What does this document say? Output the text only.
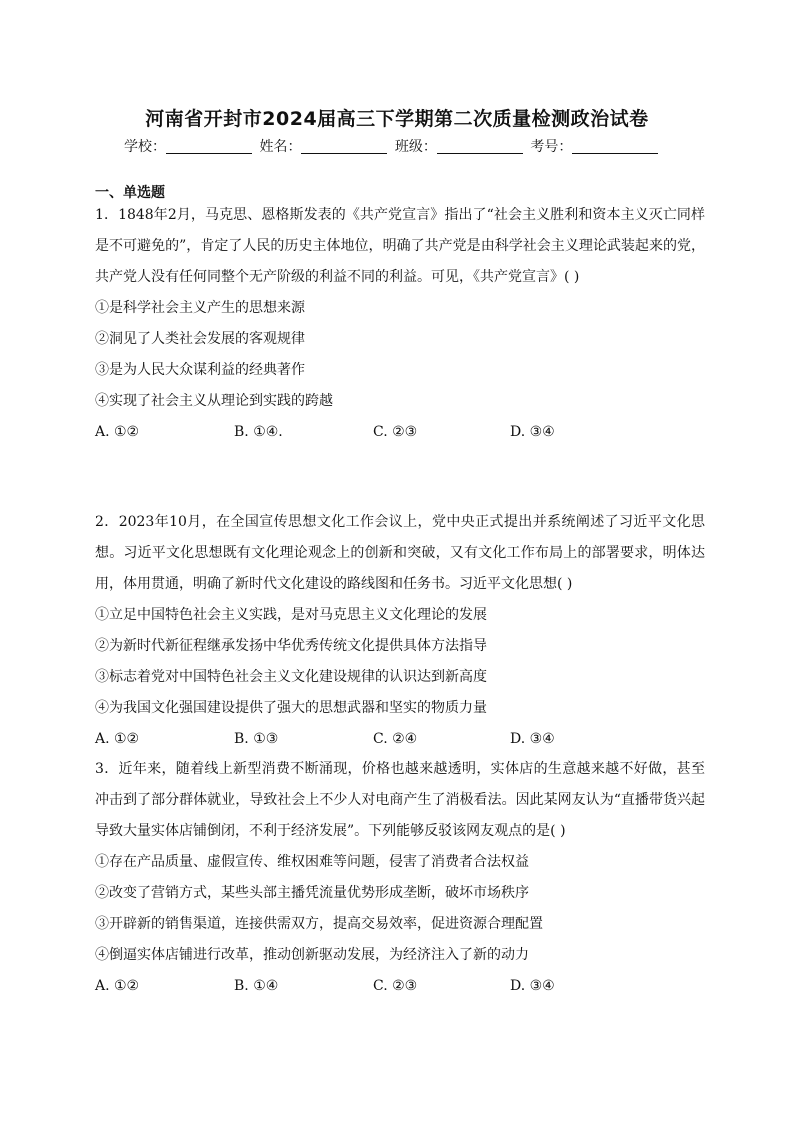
河南省开封市2024届高三下学期第二次质量检测政治试卷
学校：	姓名：	班级：	考号：
一、单选题
1．1848年2月，马克思、恩格斯发表的《共产党宣言》指出了“社会主义胜利和资本主义灭亡同样是不可避免的”，肯定了人民的历史主体地位，明确了共产党是由科学社会主义理论武装起来的党，共产党人没有任何同整个无产阶级的利益不同的利益。可见，《共产党宣言》( )
①是科学社会主义产生的思想来源
②洞见了人类社会发展的客观规律
③是为人民大众谋利益的经典著作
④实现了社会主义从理论到实践的跨越
A. ①②	B. ①④.	C. ②③	D. ③④
2．2023年10月，在全国宣传思想文化工作会议上，党中央正式提出并系统阐述了习近平文化思想。习近平文化思想既有文化理论观念上的创新和突破，又有文化工作布局上的部署要求，明体达用，体用贯通，明确了新时代文化建设的路线图和任务书。习近平文化思想( )
①立足中国特色社会主义实践，是对马克思主义文化理论的发展
②为新时代新征程继承发扬中华优秀传统文化提供具体方法指导
③标志着党对中国特色社会主义文化建设规律的认识达到新高度
④为我国文化强国建设提供了强大的思想武器和坚实的物质力量
A. ①②	B. ①③	C. ②④	D. ③④
3．近年来，随着线上新型消费不断涌现，价格也越来越透明，实体店的生意越来越不好做，甚至冲击到了部分群体就业，导致社会上不少人对电商产生了消极看法。因此某网友认为“直播带货兴起导致大量实体店铺倒闭，不利于经济发展”。下列能够反驳该网友观点的是( )
①存在产品质量、虚假宣传、维权困难等问题，侵害了消费者合法权益
②改变了营销方式，某些头部主播凭流量优势形成垄断，破坏市场秩序
③开辟新的销售渠道，连接供需双方，提高交易效率，促进资源合理配置
④倒逼实体店铺进行改革，推动创新驱动发展，为经济注入了新的动力
A. ①②	B. ①④	C. ②③	D. ③④
